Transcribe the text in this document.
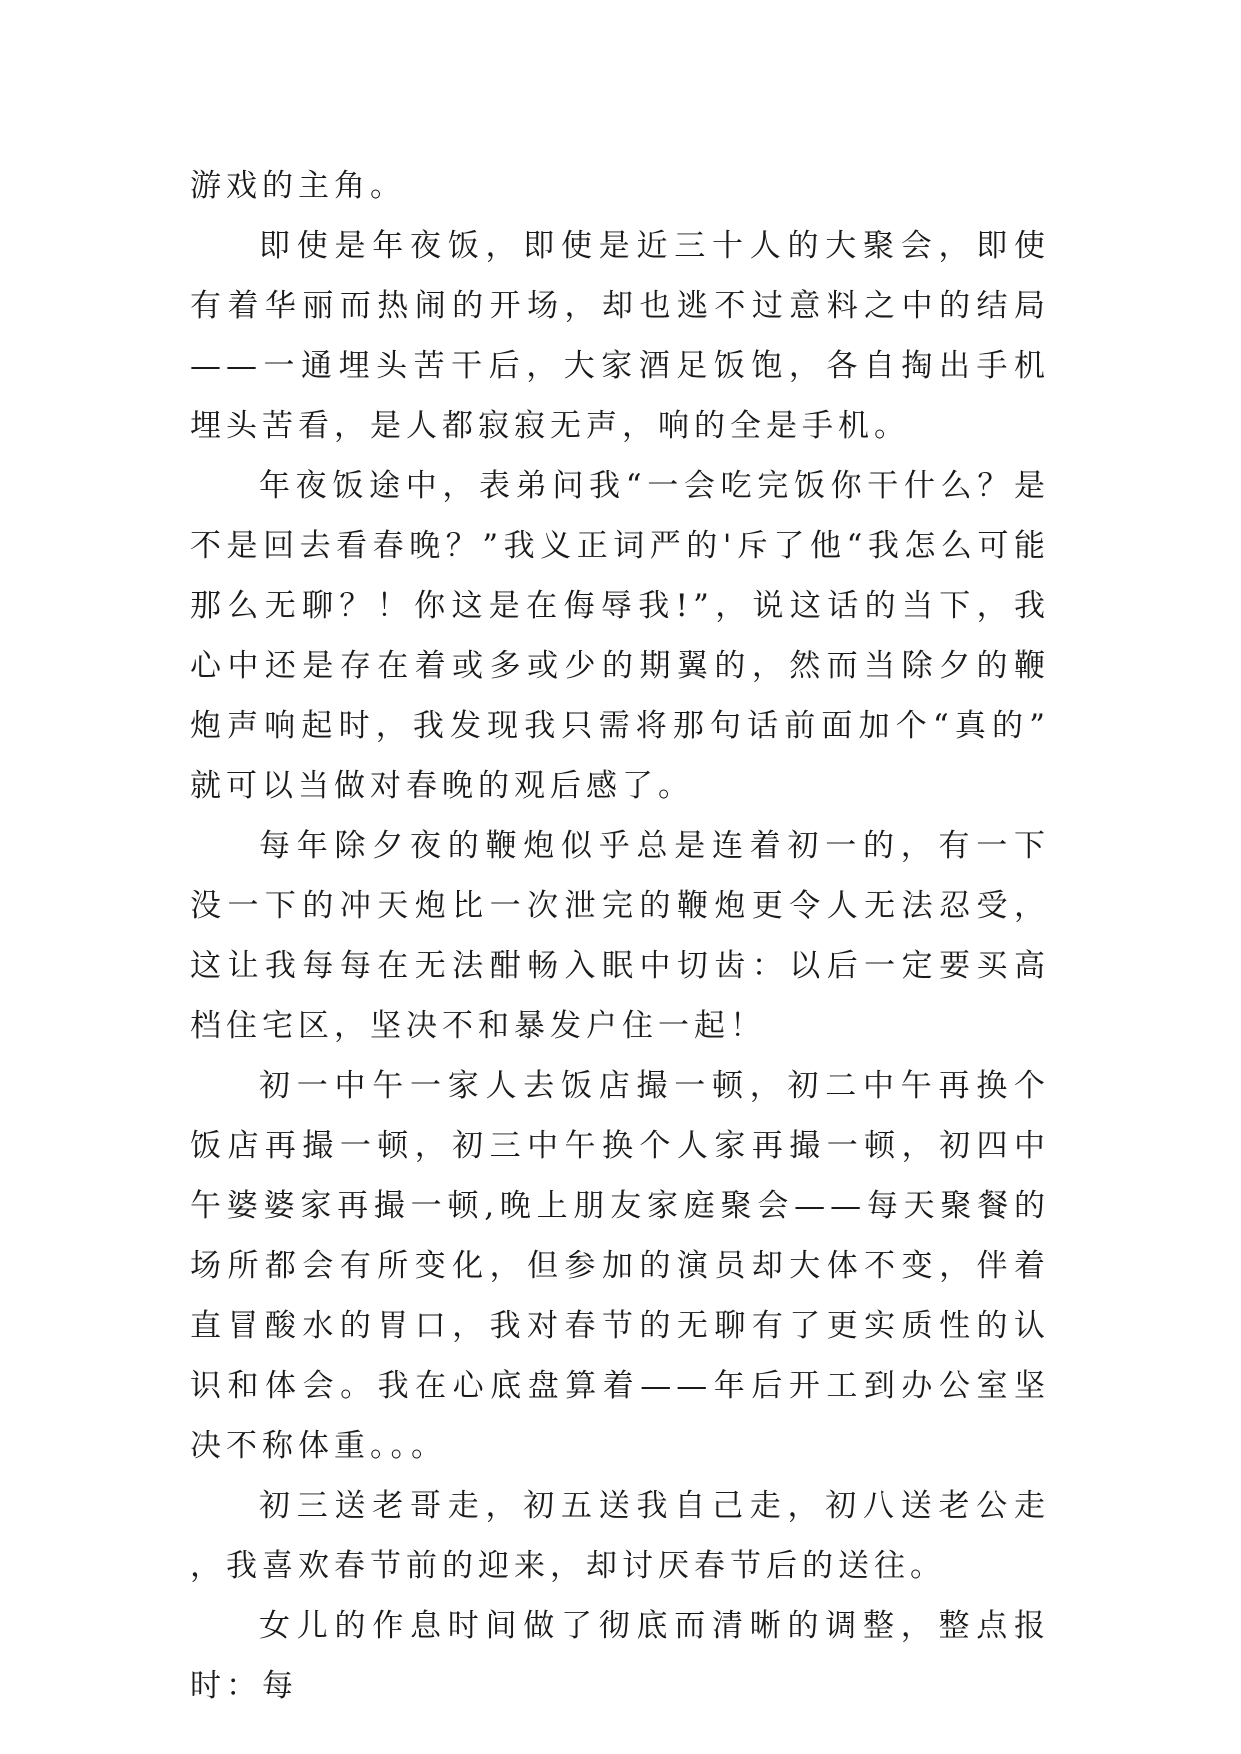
游戏的主角。

即使是年夜饭，即使是近三十人的大聚会，即使有着华丽而热闹的开场，却也逃不过意料之中的结局——一通埋头苦干后，大家酒足饭饱，各自掏出手机埋头苦看，是人都寂寂无声，响的全是手机。

年夜饭途中，表弟问我“一会吃完饭你干什么？是不是回去看春晚？”我义正词严的'斥了他“我怎么可能那么无聊？！你这是在侮辱我!”，说这话的当下，我心中还是存在着或多或少的期翼的，然而当除夕的鞭炮声响起时，我发现我只需将那句话前面加个“真的”就可以当做对春晚的观后感了。

每年除夕夜的鞭炮似乎总是连着初一的，有一下没一下的冲天炮比一次泄完的鞭炮更令人无法忍受，这让我每每在无法酣畅入眠中切齿：以后一定要买高档住宅区，坚决不和暴发户住一起！

初一中午一家人去饭店撮一顿，初二中午再换个饭店再撮一顿，初三中午换个人家再撮一顿，初四中午婆婆家再撮一顿,晚上朋友家庭聚会——每天聚餐的场所都会有所变化，但参加的演员却大体不变，伴着直冒酸水的胃口，我对春节的无聊有了更实质性的认识和体会。我在心底盘算着——年后开工到办公室坚决不称体重。。。

初三送老哥走，初五送我自己走，初八送老公走，我喜欢春节前的迎来，却讨厌春节后的送往。

女儿的作息时间做了彻底而清晰的调整，整点报时：每
